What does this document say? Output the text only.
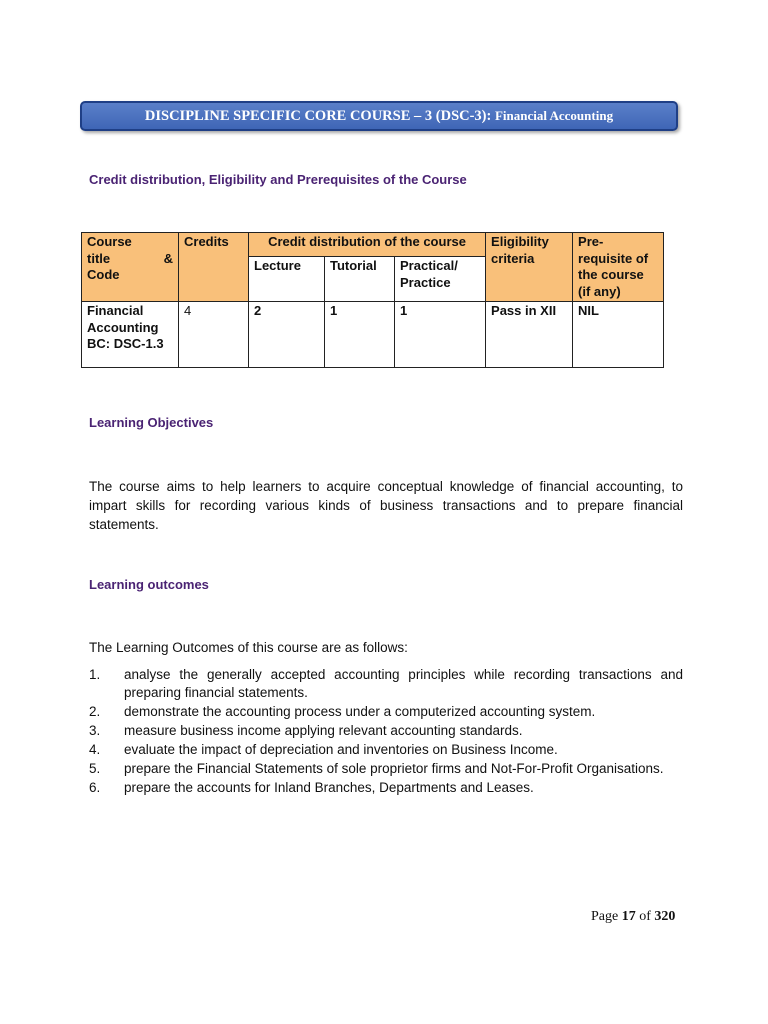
DISCIPLINE SPECIFIC CORE COURSE – 3 (DSC-3):
Financial Accounting
Credit distribution, Eligibility and Prerequisites of the Course
Course
title &
Code	Credits	Credit distribution of the course			Eligibility criteria	Pre- requisite of the course (if any)
		Lecture	Tutorial	Practical/ Practice		
Financial Accounting BC: DSC-1.3	4	2	1	1	Pass in XII	NIL
Learning Objectives

The course aims to help learners to acquire conceptual knowledge of financial accounting, to impart skills for recording various kinds of business transactions and to prepare financial statements.

Learning outcomes

The Learning Outcomes of this course are as follows:

1. analyse the generally accepted accounting principles while recording transactions and preparing financial statements.
2. demonstrate the accounting process under a computerized accounting system.
3. measure business income applying relevant accounting standards.
4. evaluate the impact of depreciation and inventories on Business Income.
5. prepare the Financial Statements of sole proprietor firms and Not-For-Profit Organisations.
6. prepare the accounts for Inland Branches, Departments and Leases.
Page 17 of 320
